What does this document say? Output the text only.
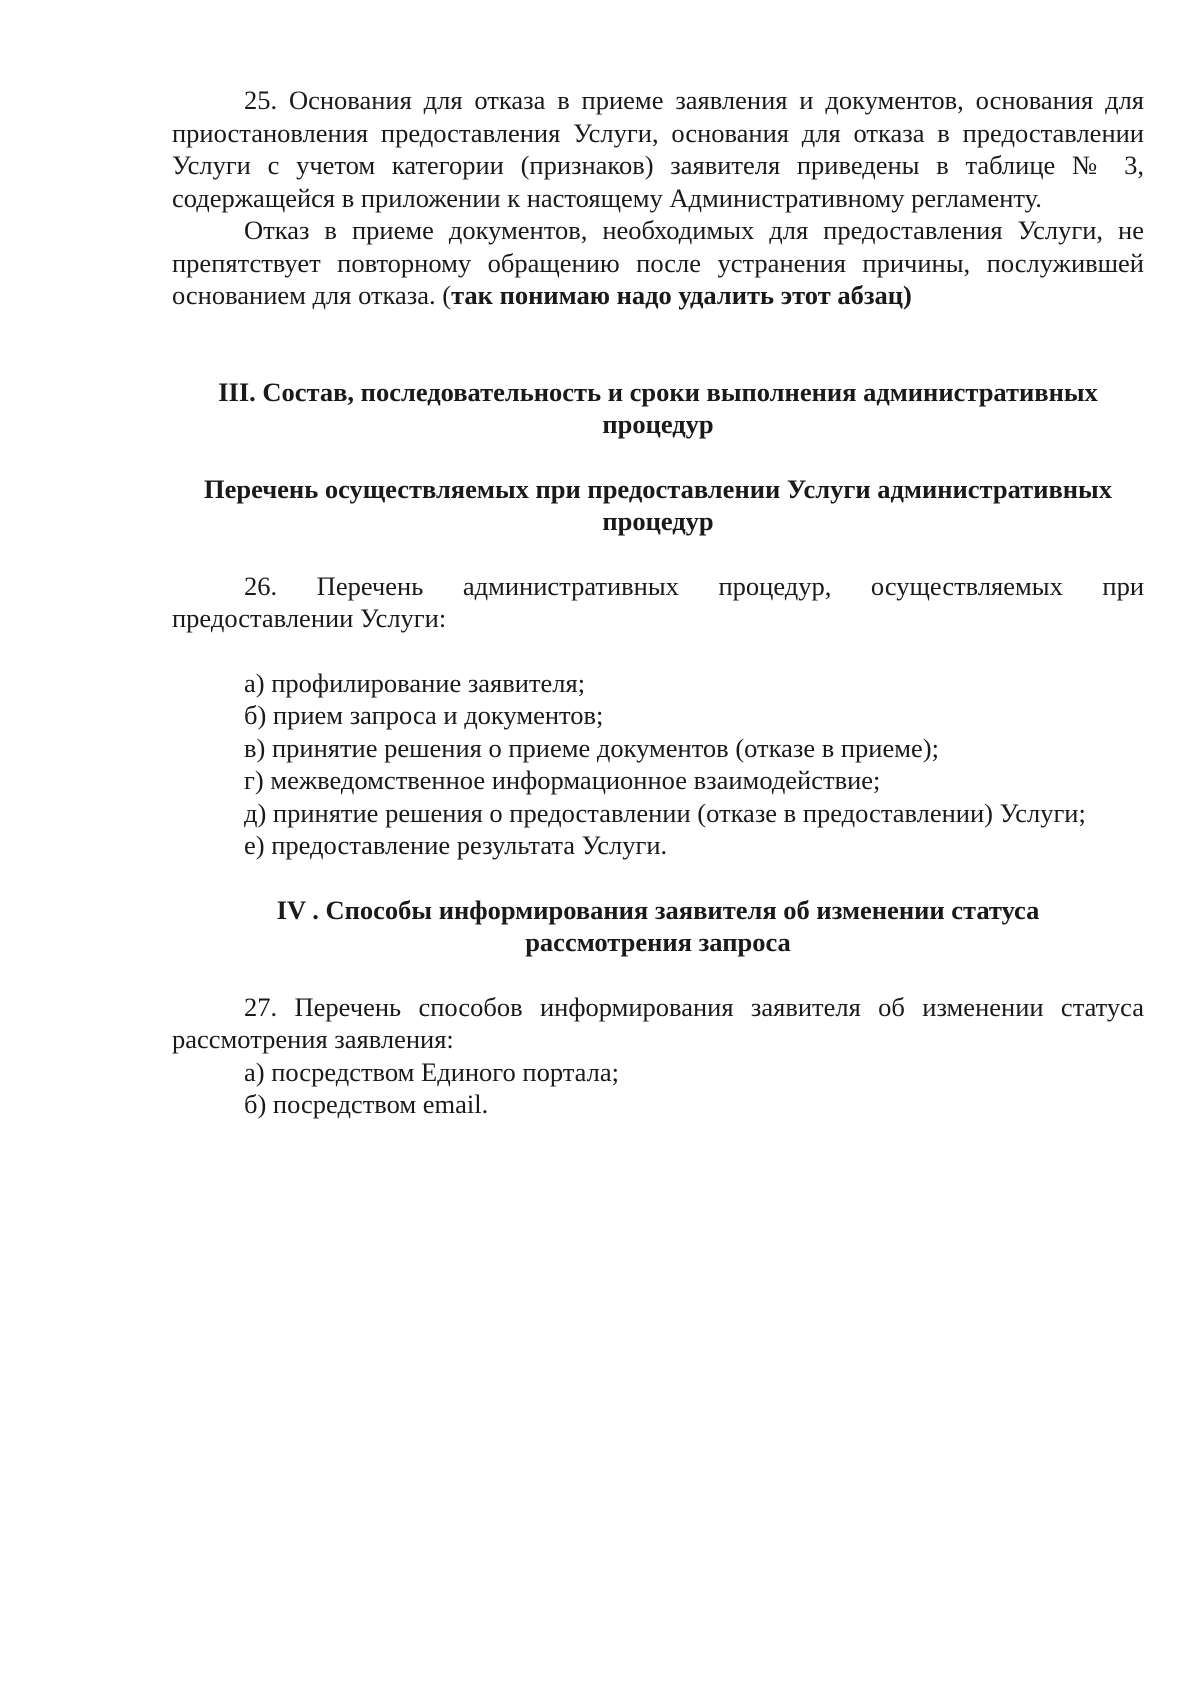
25. Основания для отказа в приеме заявления и документов, основания для приостановления предоставления Услуги, основания для отказа в предоставлении Услуги с учетом категории (признаков) заявителя приведены в таблице № 3, содержащейся в приложении к настоящему Административному регламенту.

Отказ в приеме документов, необходимых для предоставления Услуги, не препятствует повторному обращению после устранения причины, послужившей основанием для отказа. (так понимаю надо удалить этот абзац)

III. Состав, последовательность и сроки выполнения административных процедур

Перечень осуществляемых при предоставлении Услуги административных процедур

26. Перечень административных процедур, осуществляемых при предоставлении Услуги:

а) профилирование заявителя;

б) прием запроса и документов;

в) принятие решения о приеме документов (отказе в приеме);

г) межведомственное информационное взаимодействие;

д) принятие решения о предоставлении (отказе в предоставлении) Услуги;

е) предоставление результата Услуги.

IV . Способы информирования заявителя об изменении статуса рассмотрения запроса

27. Перечень способов информирования заявителя об изменении статуса рассмотрения заявления:

а) посредством Единого портала;

б) посредством email.
